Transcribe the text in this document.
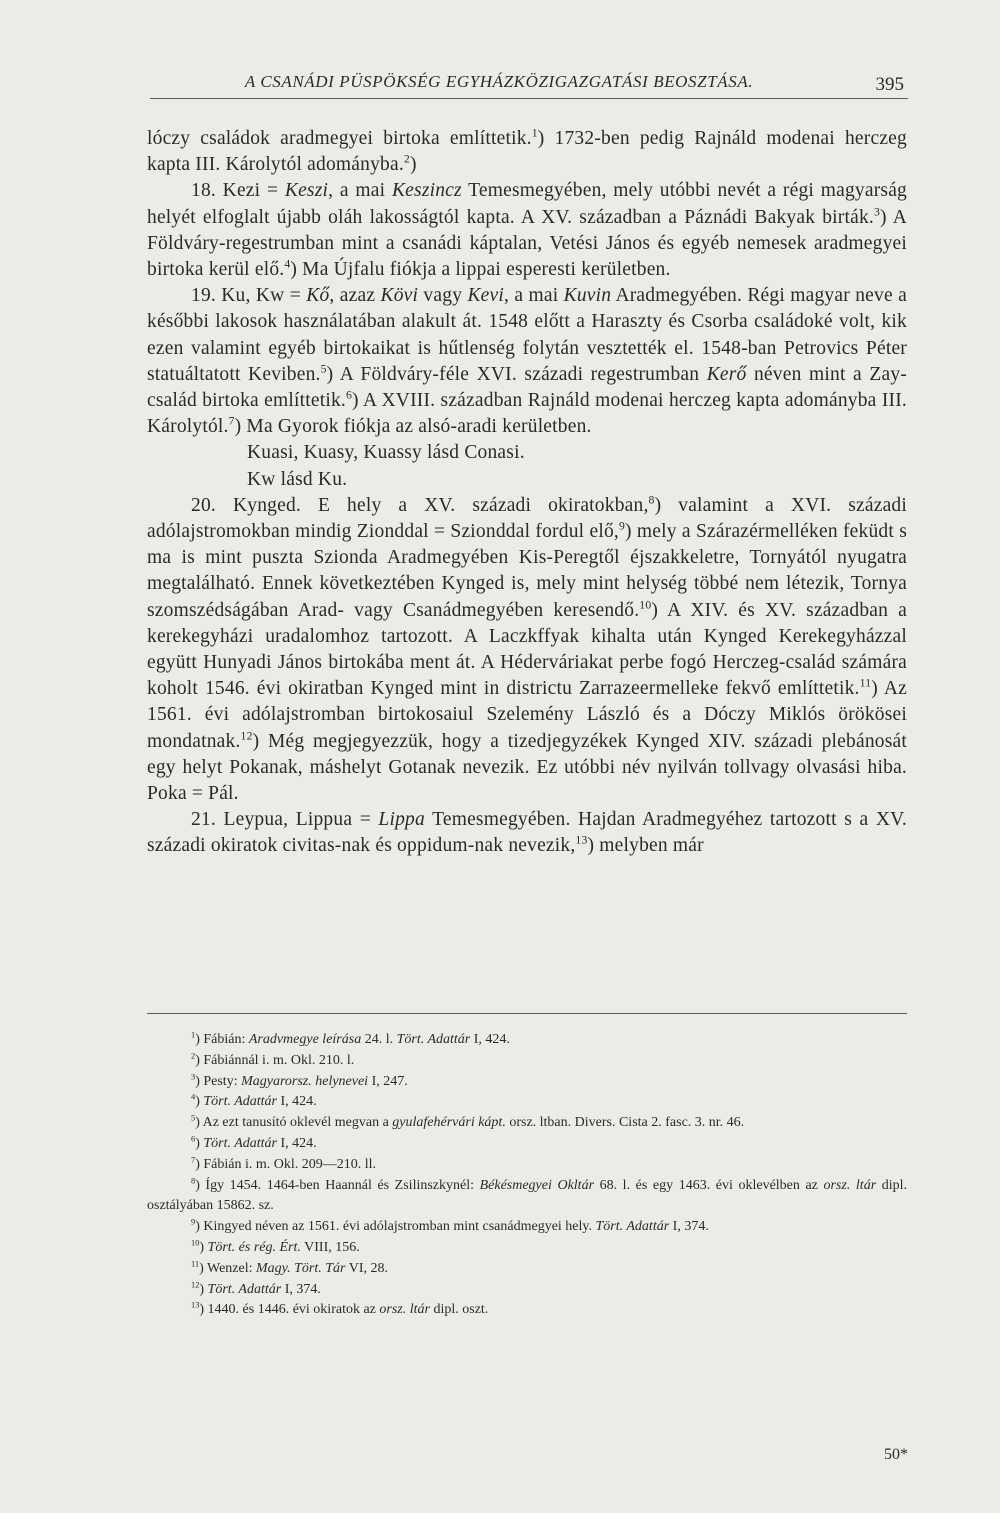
A CSANÁDI PÜSPÖKSÉG EGYHÁZKÖZIGAZGATÁSI BEOSZTÁSA.	395

lóczy családok aradmegyei birtoka említtetik.$^1$) 1732-ben pedig Rajnáld modenai herczeg kapta III. Károlytól adományba.$^2$)

18. Kezi = Keszi, a mai Keszincz Temesmegyében, mely utóbbi nevét a régi magyarság helyét elfoglalt újabb oláh lakosságtól kapta. A XV. században a Páznádi Bakyak birták.$^3$) A Földváry-regestrumban mint a csanádi káptalan, Vetési János és egyéb nemesek aradmegyei birtoka kerül elő.$^4$) Ma Újfalu fiókja a lippai esperesti kerületben.

19. Ku, Kw = Kő, azaz Kövi vagy Kevi, a mai Kuvin Aradmegyében. Régi magyar neve a későbbi lakosok használatában alakult át. 1548 előtt a Haraszty és Csorba családoké volt, kik ezen valamint egyéb birtokaikat is hűtlenség folytán vesztették el. 1548-ban Petrovics Péter statuáltatott Keviben.$^5$) A Földváry-féle XVI. századi regestrumban Kerő néven mint a Zay-család birtoka említtetik.$^6$) A XVIII. században Rajnáld modenai herczeg kapta adományba III. Károlytól.$^7$) Ma Gyorok fiókja az alsó-aradi kerületben.

Kuasi, Kuasy, Kuassy lásd Conasi.

Kw lásd Ku.

20. Kynged. E hely a XV. századi okiratokban,$^8$) valamint a XVI. századi adólajstromokban mindig Zionddal = Szionddal fordul elő,$^9$) mely a Szárazérmelléken feküdt s ma is mint puszta Szionda Aradmegyében Kis-Peregtől éjszakkeletre, Tornyától nyugatra megtalálható. Ennek következtében Kynged is, mely mint helység többé nem létezik, Tornya szomszédságában Arad- vagy Csanádmegyében keresendő.$^{10}$) A XIV. és XV. században a kerekegyházi uradalomhoz tartozott. A Laczkffyak kihalta után Kynged Kerekegyházzal együtt Hunyadi János birtokába ment át. A Héderváriakat perbe fogó Herczeg-család számára koholt 1546. évi okiratban Kynged mint in districtu Zarrazeermelleke fekvő említtetik.$^{11}$) Az 1561. évi adólajstromban birtokosaiul Szelemény László és a Dóczy Miklós örökösei mondatnak.$^{12}$) Még megjegyezzük, hogy a tizedjegyzékek Kynged XIV. századi plebánosát egy helyt Pokanak, máshelyt Gotanak nevezik. Ez utóbbi név nyilván tollvagy olvasási hiba. Poka = Pál.

21. Leypua, Lippua = Lippa Temesmegyében. Hajdan Aradmegyéhez tartozott s a XV. századi okiratok civitas-nak és oppidum-nak nevezik,$^{13}$) melyben már

$^1$) Fábián: Aradvmegye leírása 24. l. Tört. Adattár I, 424.

$^2$) Fábiánnál i. m. Okl. 210. l.

$^3$) Pesty: Magyarorsz. helynevei I, 247.

$^4$) Tört. Adattár I, 424.

$^5$) Az ezt tanusító oklevél megvan a gyulafehérvári kápt. orsz. ltban. Divers. Cista 2. fasc. 3. nr. 46.

$^6$) Tört. Adattár I, 424.

$^7$) Fábián i. m. Okl. 209—210. ll.

$^8$) Így 1454. 1464-ben Haannál és Zsilinszkynél: Békésmegyei Okltár 68. l. és egy 1463. évi oklevélben az orsz. ltár dipl. osztályában 15862. sz.

$^9$) Kingyed néven az 1561. évi adólajstromban mint csanádmegyei hely. Tört. Adattár I, 374.

$^{10}$) Tört. és rég. Ért. VIII, 156.

$^{11}$) Wenzel: Magy. Tört. Tár VI, 28.

$^{12}$) Tört. Adattár I, 374.

$^{13}$) 1440. és 1446. évi okiratok az orsz. ltár dipl. oszt.

50*
